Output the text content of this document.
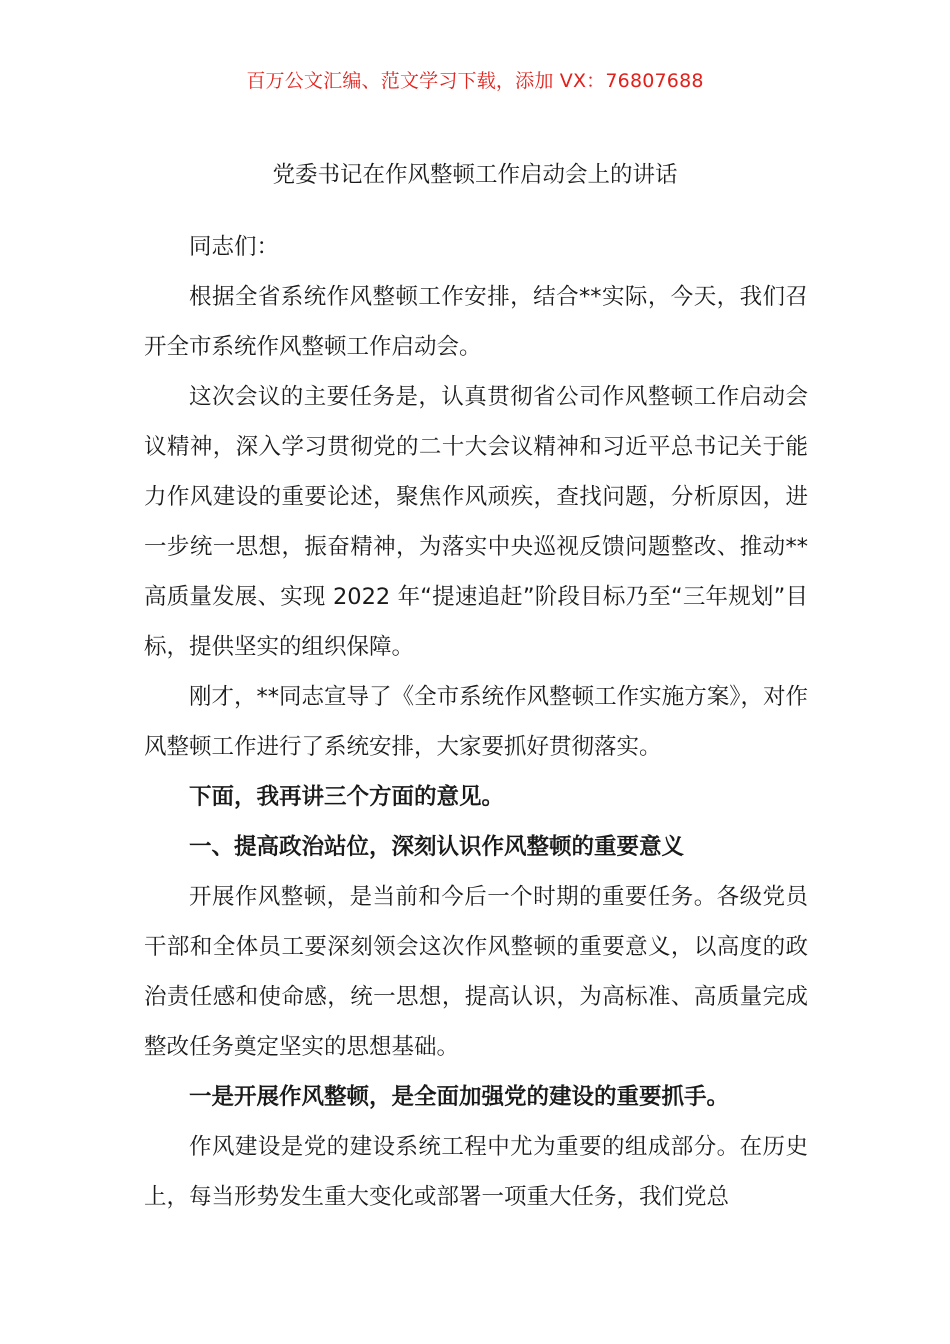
百万公文汇编、范文学习下载，添加 VX：76807688
党委书记在作风整顿工作启动会上的讲话

同志们：

根据全省系统作风整顿工作安排，结合**实际，今天，我们召开全市系统作风整顿工作启动会。

这次会议的主要任务是，认真贯彻省公司作风整顿工作启动会议精神，深入学习贯彻党的二十大会议精神和习近平总书记关于能力作风建设的重要论述，聚焦作风顽疾，查找问题，分析原因，进一步统一思想，振奋精神，为落实中央巡视反馈问题整改、推动**高质量发展、实现 2022 年“提速追赶”阶段目标乃至“三年规划”目标，提供坚实的组织保障。

刚才，**同志宣导了《全市系统作风整顿工作实施方案》，对作风整顿工作进行了系统安排，大家要抓好贯彻落实。

下面，我再讲三个方面的意见。

一、提高政治站位，深刻认识作风整顿的重要意义

开展作风整顿，是当前和今后一个时期的重要任务。各级党员干部和全体员工要深刻领会这次作风整顿的重要意义，以高度的政治责任感和使命感，统一思想，提高认识，为高标准、高质量完成整改任务奠定坚实的思想基础。

一是开展作风整顿，是全面加强党的建设的重要抓手。

作风建设是党的建设系统工程中尤为重要的组成部分。在历史上，每当形势发生重大变化或部署一项重大任务，我们党总
